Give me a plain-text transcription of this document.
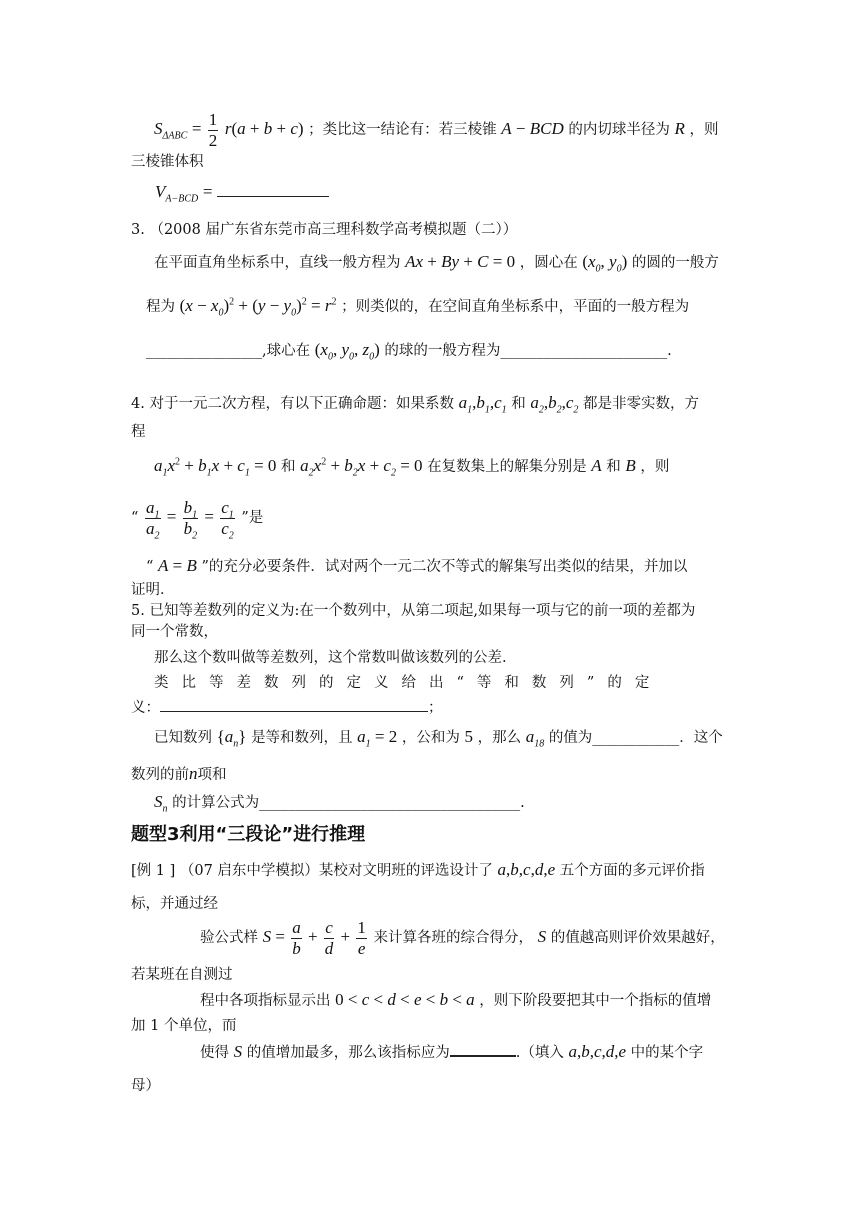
$S_{\Delta ABC} = \frac{1}{2} r(a + b + c)$ ；类比这一结论有：若三棱锥 A − BCD 的内切球半径为 R ，则
三棱锥体积
$V_{A-BCD}$ =
3. （2008 届广东省东莞市高三理科数学高考模拟题（二））
在平面直角坐标系中，直线一般方程为 Ax + By + C = 0 ，圆心在 ($x_0$, $y_0$) 的圆的一般方
程为 $(x - x_0)^2 + (y - y_0)^2 = r^2$ ；则类似的，在空间直角坐标系中，平面的一般方程为
________________,球心在 ($x_0$, $y_0$, $z_0$) 的球的一般方程为_______________________.
4. 对于一元二次方程，有以下正确命题：如果系数 $a_1,b_1,c_1$ 和 $a_2,b_2,c_2$ 都是非零实数，方
程
$a_1x^2 + b_1x + c_1 = 0$ 和 $a_2x^2 + b_2x + c_2 = 0$ 在复数集上的解集分别是 A 和 B ，则
“ $\frac{a_1}{a_2} = \frac{b_1}{b_2} = \frac{c_1}{c_2}$ ”是
“ A = B ”的充分必要条件．试对两个一元二次不等式的解集写出类似的结果，并加以
证明．
5. 已知等差数列的定义为:在一个数列中，从第二项起,如果每一项与它的前一项的差都为
同一个常数，
那么这个数叫做等差数列，这个常数叫做该数列的公差.
类比等差数列的定义给出“等和数列”的定
义：	；
已知数列 $\{a_n\}$ 是等和数列，且 $a_1 = 2$ ，公和为 5 ，那么 $a_{18}$ 的值为____________．这个
数列的前n项和
$S_n$ 的计算公式为____________________________________.
题型3利用“三段论”进行推理
[例 1 ] （07 启东中学模拟）某校对文明班的评选设计了 a,b,c,d,e 五个方面的多元评价指
标，并通过经
验公式样 $S = \frac{a}{b} + \frac{c}{d} + \frac{1}{e}$ 来计算各班的综合得分， S 的值越高则评价效果越好，
若某班在自测过
程中各项指标显示出 0 < c < d < e < b < a ，则下阶段要把其中一个指标的值增
加 1 个单位，而
使得 S 的值增加最多，那么该指标应为	.（填入 a,b,c,d,e 中的某个字
母）
